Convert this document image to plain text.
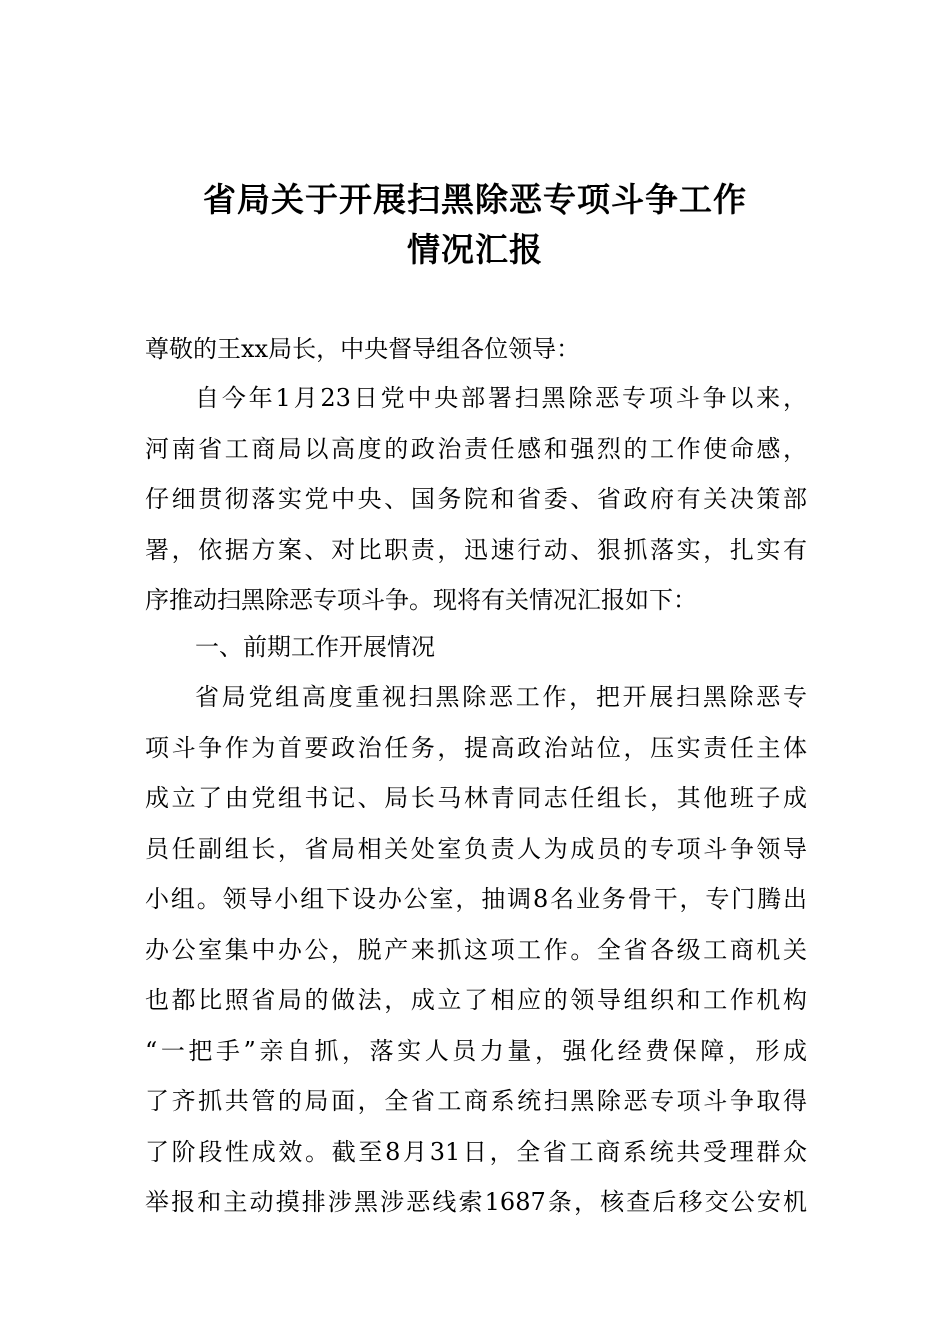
省局关于开展扫黑除恶专项斗争工作
情况汇报
尊敬的王xx局长，中央督导组各位领导：
自今年1月23日党中央部署扫黑除恶专项斗争以来，
河南省工商局以高度的政治责任感和强烈的工作使命感，
仔细贯彻落实党中央、国务院和省委、省政府有关决策部
署，依据方案、对比职责，迅速行动、狠抓落实，扎实有
序推动扫黑除恶专项斗争。现将有关情况汇报如下：
一、前期工作开展情况
省局党组高度重视扫黑除恶工作，把开展扫黑除恶专
项斗争作为首要政治任务，提高政治站位，压实责任主体
成立了由党组书记、局长马林青同志任组长，其他班子成
员任副组长，省局相关处室负责人为成员的专项斗争领导
小组。领导小组下设办公室，抽调8名业务骨干，专门腾出
办公室集中办公，脱产来抓这项工作。全省各级工商机关
也都比照省局的做法，成立了相应的领导组织和工作机构
“一把手”亲自抓，落实人员力量，强化经费保障，形成
了齐抓共管的局面，全省工商系统扫黑除恶专项斗争取得
了阶段性成效。截至8月31日，全省工商系统共受理群众
举报和主动摸排涉黑涉恶线索1687条，核查后移交公安机
